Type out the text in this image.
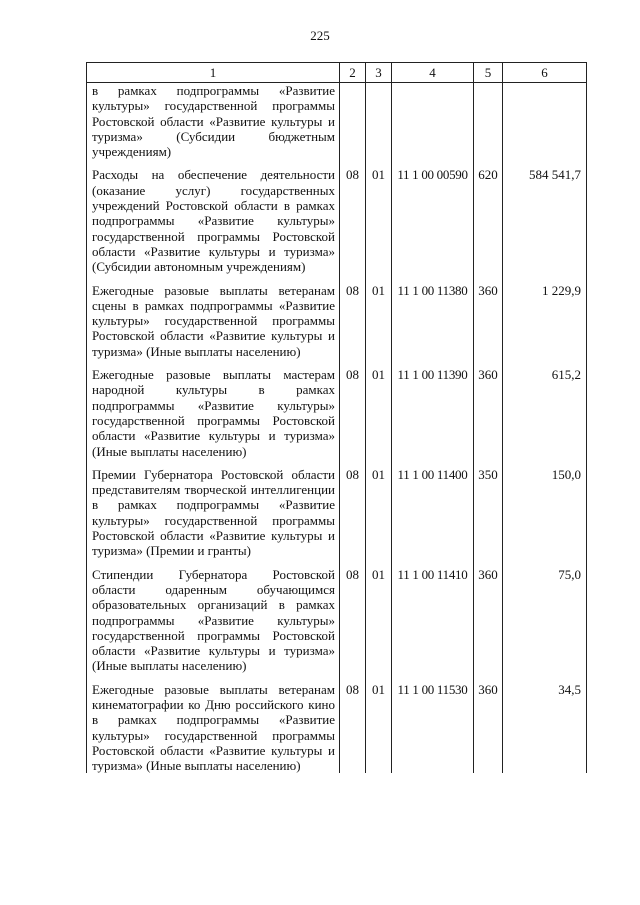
225
1	2	3	4	5	6
в рамках подпрограммы «Развитие культуры» государственной программы Ростовской области «Развитие культуры и туризма» (Субсидии бюджетным учреждениям)					
Расходы на обеспечение деятельности (оказание услуг) государственных учреждений Ростовской области в рамках подпрограммы «Развитие культуры» государственной программы Ростовской области «Развитие культуры и туризма» (Субсидии автономным учреждениям)	08	01	11 1 00 00590	620	584 541,7
Ежегодные разовые выплаты ветеранам сцены в рамках подпрограммы «Развитие культуры» государственной программы Ростовской области «Развитие культуры и туризма» (Иные выплаты населению)	08	01	11 1 00 11380	360	1 229,9
Ежегодные разовые выплаты мастерам народной культуры в рамках подпрограммы «Развитие культуры» государственной программы Ростовской области «Развитие культуры и туризма» (Иные выплаты населению)	08	01	11 1 00 11390	360	615,2
Премии Губернатора Ростовской области представителям творческой интеллигенции в рамках подпрограммы «Развитие культуры» государственной программы Ростовской области «Развитие культуры и туризма» (Премии и гранты)	08	01	11 1 00 11400	350	150,0
Стипендии Губернатора Ростовской области одаренным обучающимся образовательных организаций в рамках подпрограммы «Развитие культуры» государственной программы Ростовской области «Развитие культуры и туризма» (Иные выплаты населению)	08	01	11 1 00 11410	360	75,0
Ежегодные разовые выплаты ветеранам кинематографии ко Дню российского кино в рамках подпрограммы «Развитие культуры» государственной программы Ростовской области «Развитие культуры и туризма» (Иные выплаты населению)	08	01	11 1 00 11530	360	34,5
